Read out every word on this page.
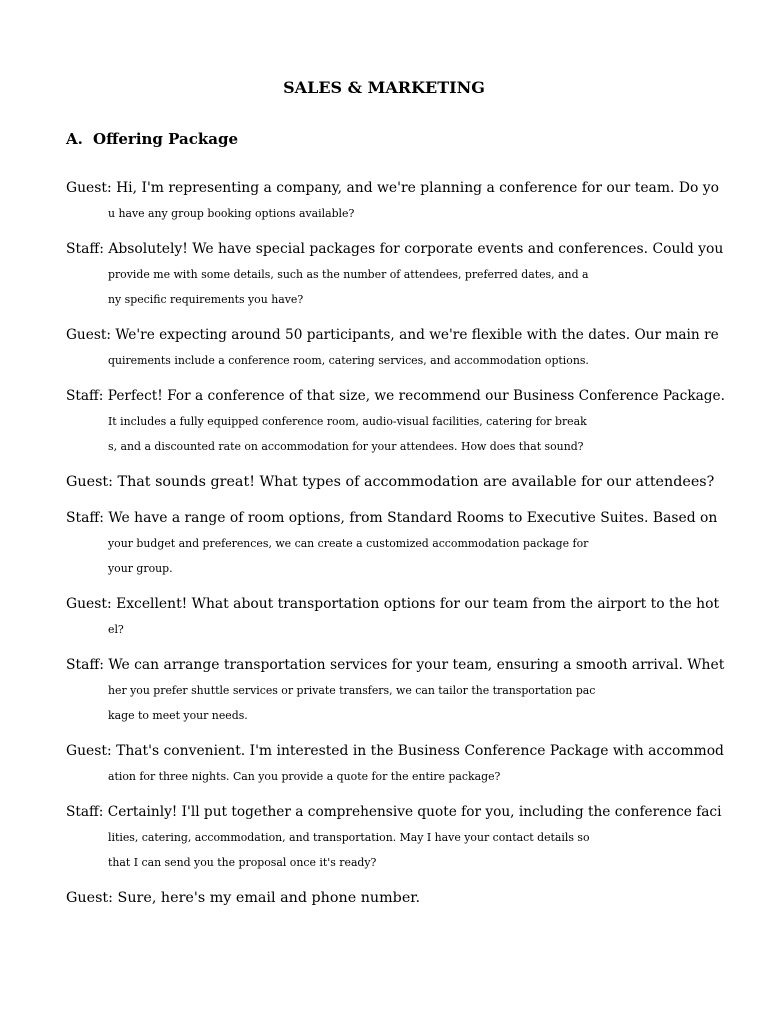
SALES & MARKETING
A. Offering Package
Guest: Hi, I'm representing a company, and we're planning a conference for our team. Do yo
u have any group booking options available?
Staff: Absolutely! We have special packages for corporate events and conferences. Could you
provide me with some details, such as the number of attendees, preferred dates, and a
ny specific requirements you have?
Guest: We're expecting around 50 participants, and we're flexible with the dates. Our main re
quirements include a conference room, catering services, and accommodation options.
Staff: Perfect! For a conference of that size, we recommend our Business Conference Package.
It includes a fully equipped conference room, audio-visual facilities, catering for break
s, and a discounted rate on accommodation for your attendees. How does that sound?
Guest: That sounds great! What types of accommodation are available for our attendees?
Staff: We have a range of room options, from Standard Rooms to Executive Suites. Based on
your budget and preferences, we can create a customized accommodation package for
your group.
Guest: Excellent! What about transportation options for our team from the airport to the hot
el?
Staff: We can arrange transportation services for your team, ensuring a smooth arrival. Whet
her you prefer shuttle services or private transfers, we can tailor the transportation pac
kage to meet your needs.
Guest: That's convenient. I'm interested in the Business Conference Package with accommod
ation for three nights. Can you provide a quote for the entire package?
Staff: Certainly! I'll put together a comprehensive quote for you, including the conference faci
lities, catering, accommodation, and transportation. May I have your contact details so
that I can send you the proposal once it's ready?
Guest: Sure, here's my email and phone number.
